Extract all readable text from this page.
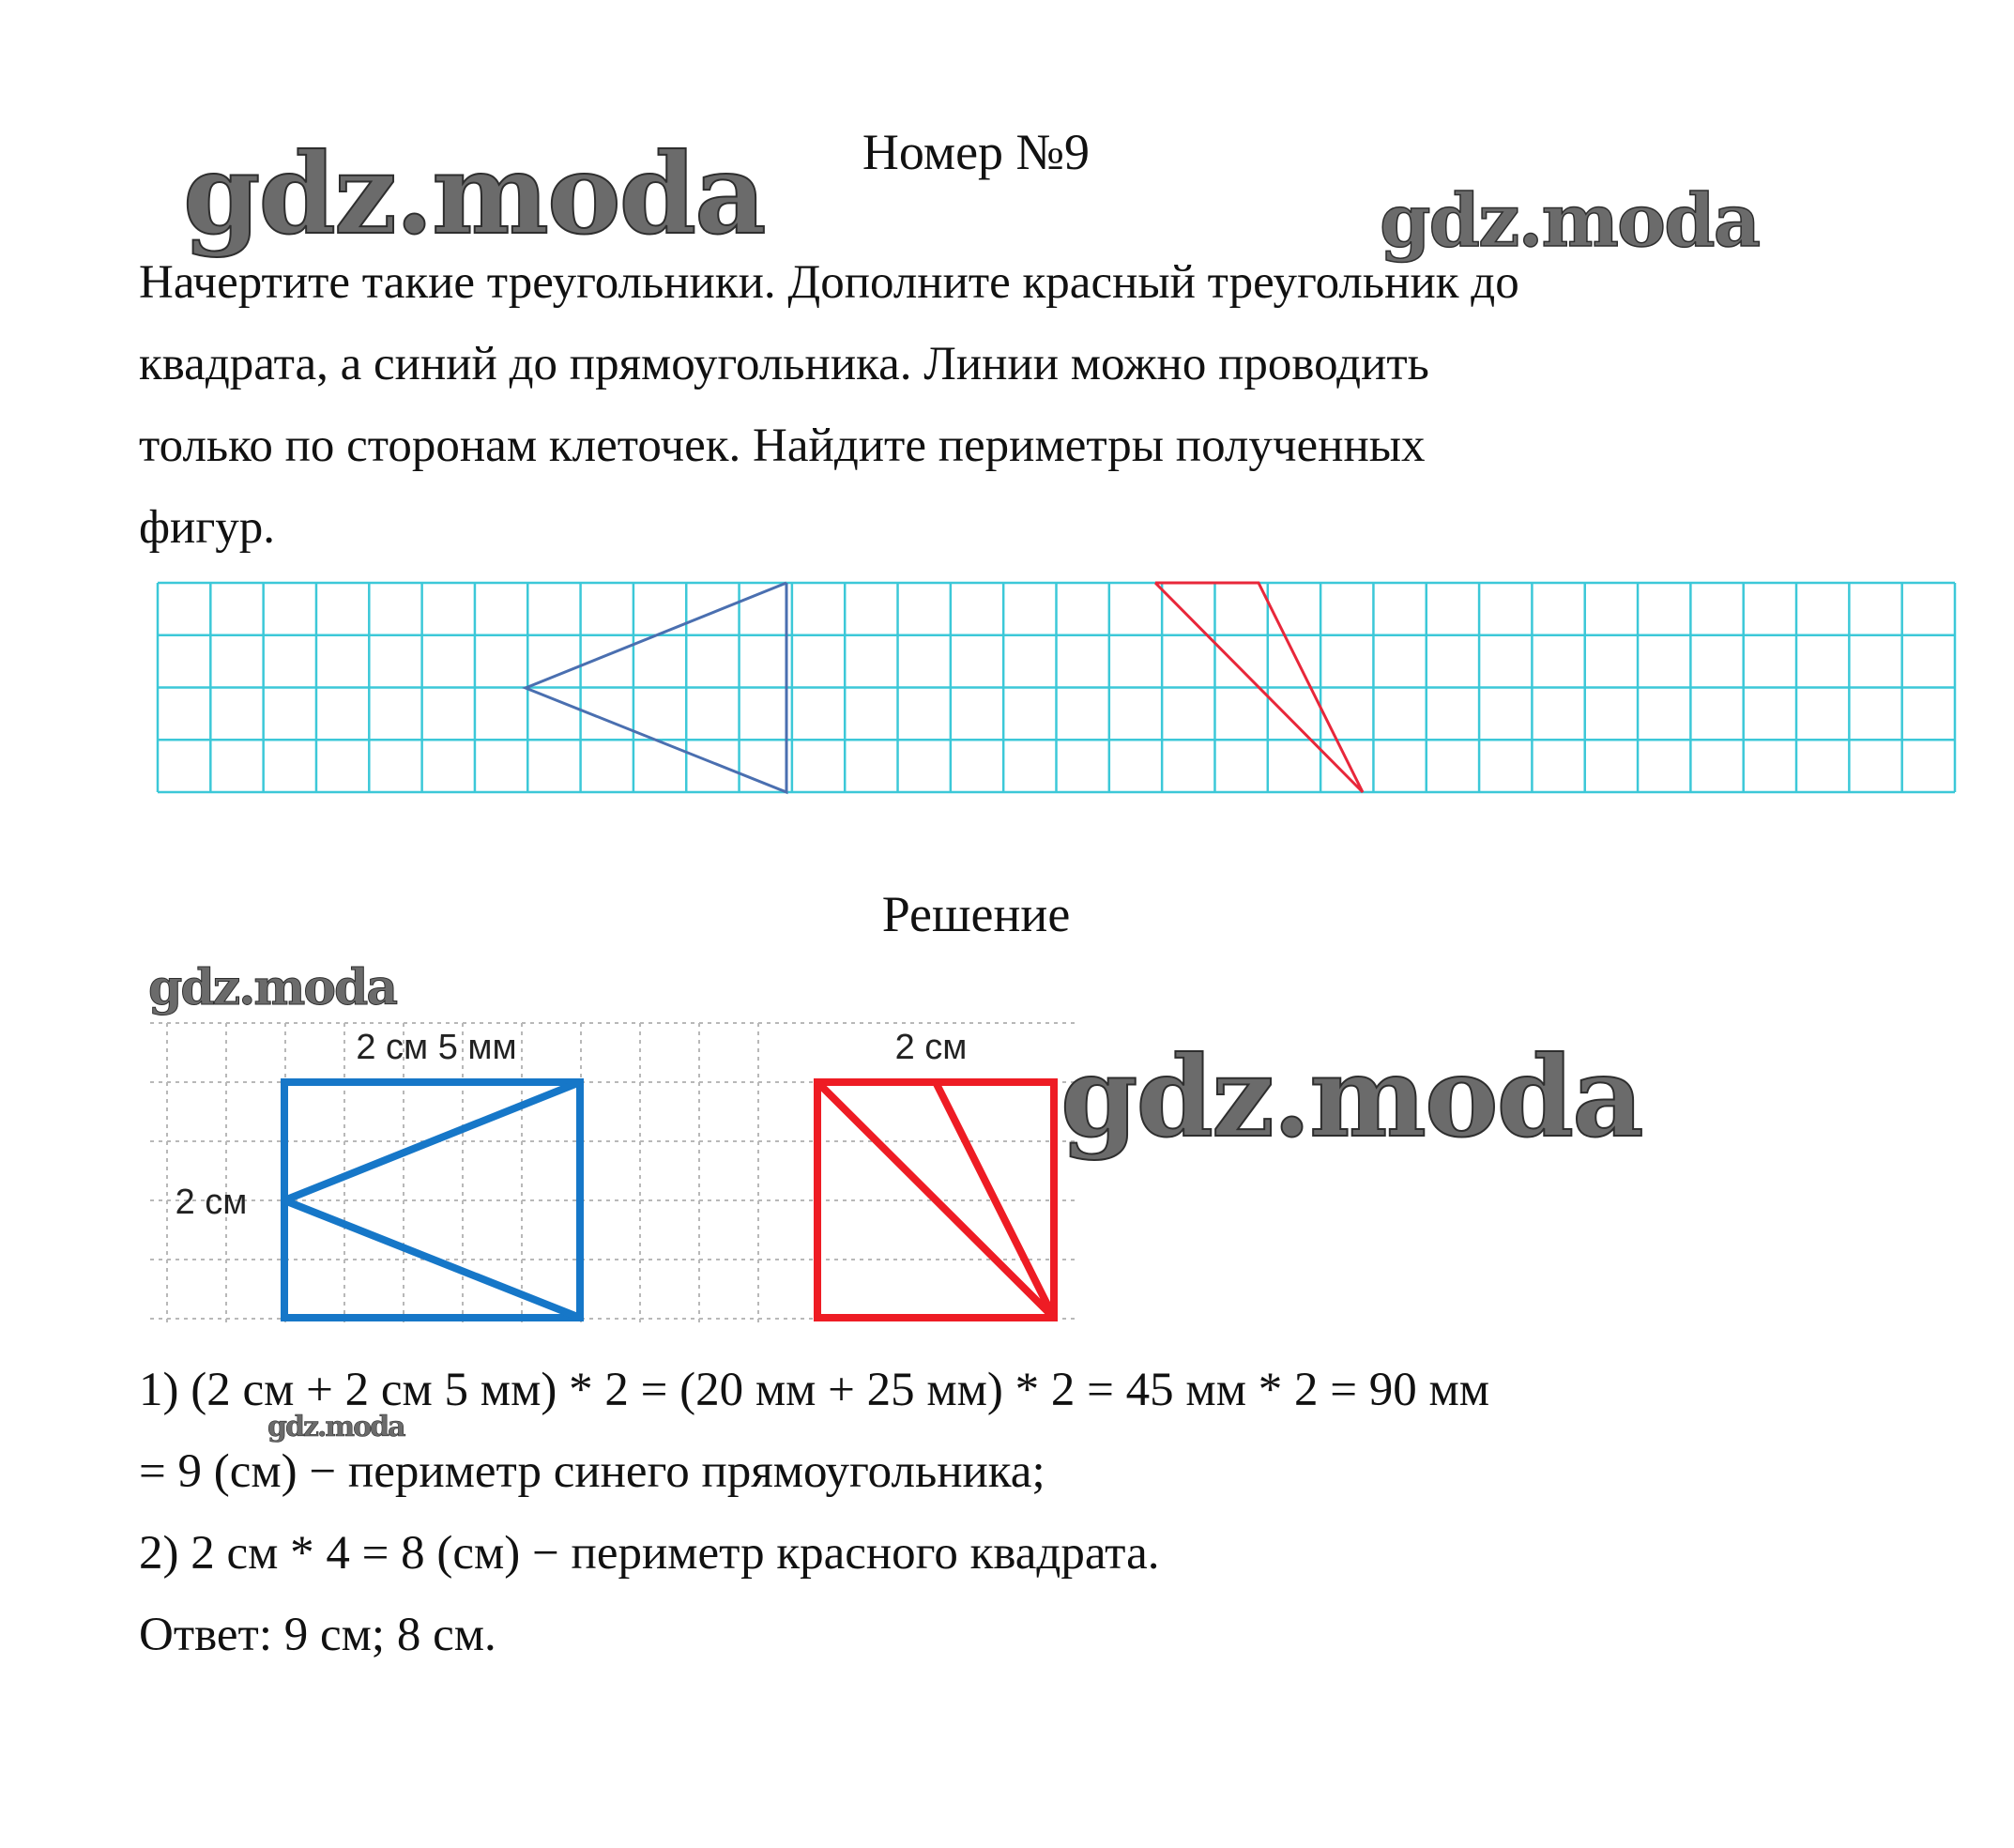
Номер №9
Начертите такие треугольники. Дополните красный треугольник до
квадрата, а синий до прямоугольника. Линии можно проводить
только по сторонам клеточек. Найдите периметры полученных
фигур.
Решение
2 см 5 мм
2 см
2 см
gdz.moda	gdz.moda
gdz.moda
gdz.moda
gdz.moda
1) (2 см + 2 см 5 мм) * 2 = (20 мм + 25 мм) * 2 = 45 мм * 2 = 90 мм
= 9 (см) − периметр синего прямоугольника;
2) 2 см * 4 = 8 (см) − периметр красного квадрата.
Ответ: 9 см; 8 см.
